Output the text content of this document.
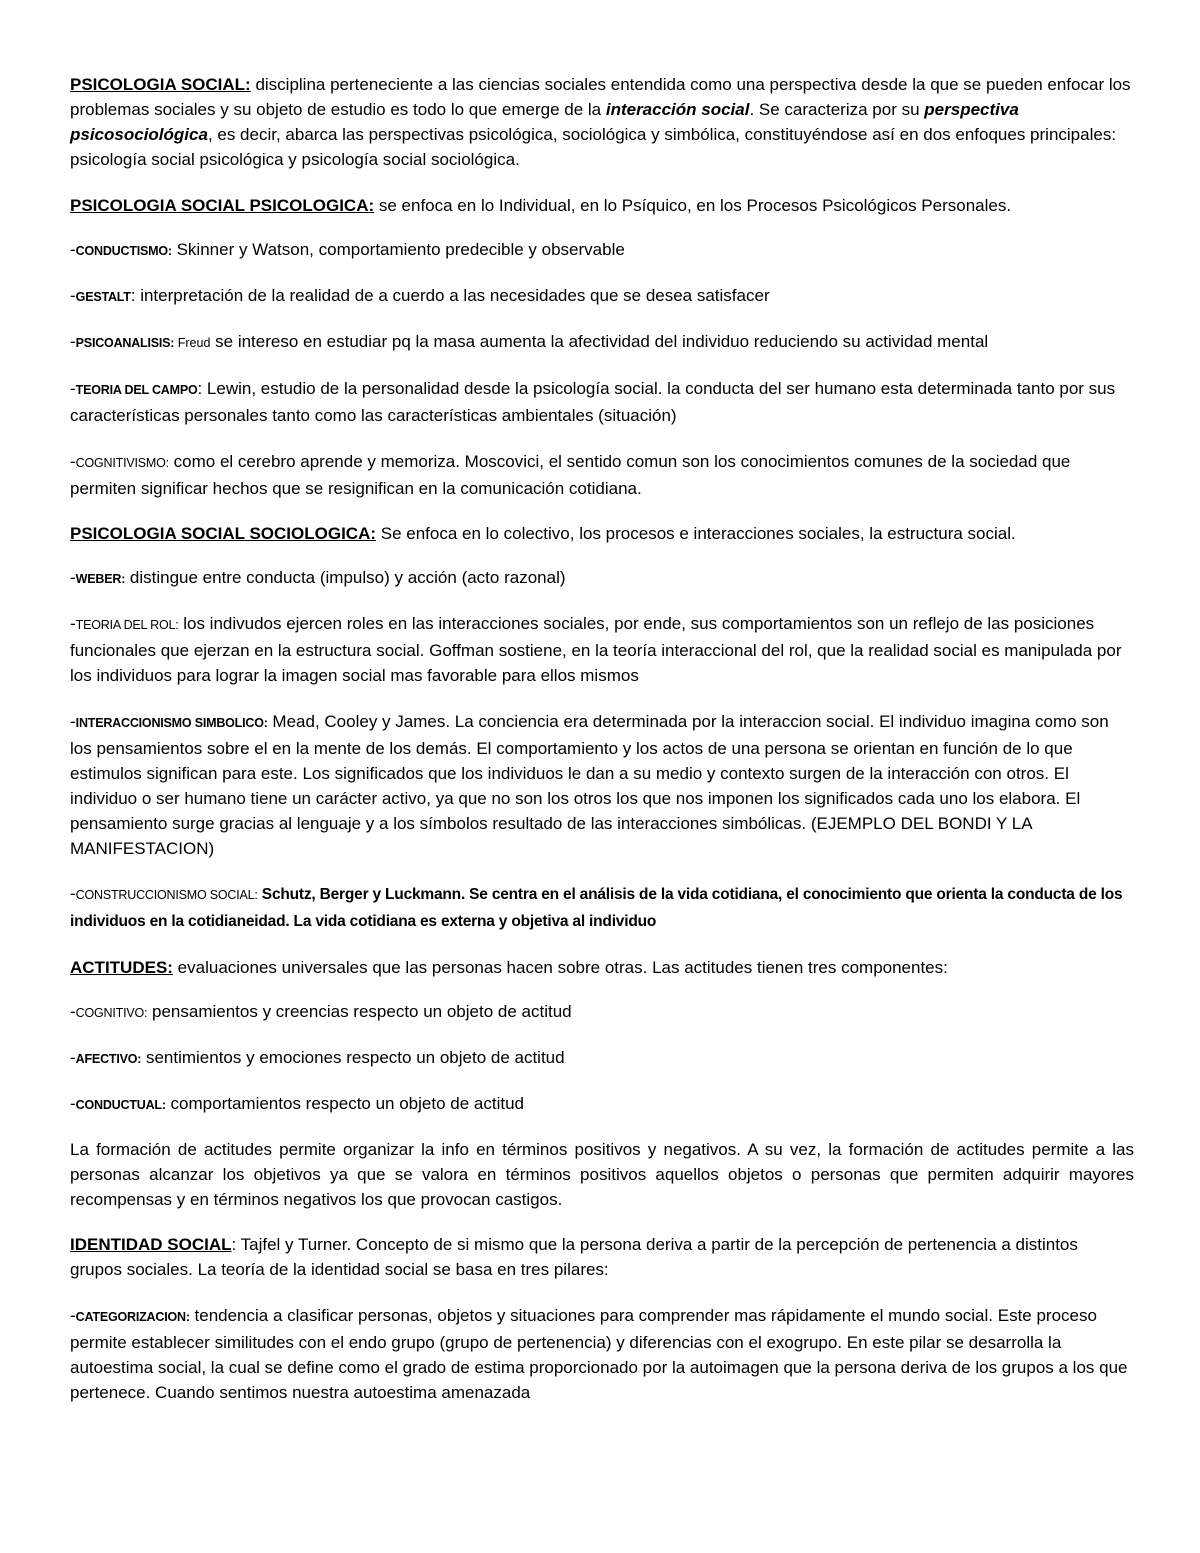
PSICOLOGIA SOCIAL: disciplina perteneciente a las ciencias sociales entendida como una perspectiva desde la que se pueden enfocar los problemas sociales y su objeto de estudio es todo lo que emerge de la interacción social. Se caracteriza por su perspectiva psicosociológica, es decir, abarca las perspectivas psicológica, sociológica y simbólica, constituyéndose así en dos enfoques principales: psicología social psicológica y psicología social sociológica.

PSICOLOGIA SOCIAL PSICOLOGICA: se enfoca en lo Individual, en lo Psíquico, en los Procesos Psicológicos Personales.

-CONDUCTISMO: Skinner y Watson, comportamiento predecible y observable

-GESTALT: interpretación de la realidad de a cuerdo a las necesidades que se desea satisfacer

-PSICOANALISIS: Freud se intereso en estudiar pq la masa aumenta la afectividad del individuo reduciendo su actividad mental

-TEORIA DEL CAMPO: Lewin, estudio de la personalidad desde la psicología social. la conducta del ser humano esta determinada tanto por sus características personales tanto como las características ambientales (situación)

-COGNITIVISMO: como el cerebro aprende y memoriza. Moscovici, el sentido comun son los conocimientos comunes de la sociedad que permiten significar hechos que se resignifican en la comunicación cotidiana.

PSICOLOGIA SOCIAL SOCIOLOGICA: Se enfoca en lo colectivo, los procesos e interacciones sociales, la estructura social.

-WEBER: distingue entre conducta (impulso) y acción (acto razonal)

-TEORIA DEL ROL: los indivudos ejercen roles en las interacciones sociales, por ende, sus comportamientos son un reflejo de las posiciones funcionales que ejerzan en la estructura social. Goffman sostiene, en la teoría interaccional del rol, que la realidad social es manipulada por los individuos para lograr la imagen social mas favorable para ellos mismos

-INTERACCIONISMO SIMBOLICO: Mead, Cooley y James. La conciencia era determinada por la interaccion social. El individuo imagina como son los pensamientos sobre el en la mente de los demás. El comportamiento y los actos de una persona se orientan en función de lo que estimulos significan para este. Los significados que los individuos le dan a su medio y contexto surgen de la interacción con otros. El individuo o ser humano tiene un carácter activo, ya que no son los otros los que nos imponen los significados cada uno los elabora. El pensamiento surge gracias al lenguaje y a los símbolos resultado de las interacciones simbólicas. (EJEMPLO DEL BONDI Y LA MANIFESTACION)

-CONSTRUCCIONISMO SOCIAL: Schutz, Berger y Luckmann. Se centra en el análisis de la vida cotidiana, el conocimiento que orienta la conducta de los individuos en la cotidianeidad. La vida cotidiana es externa y objetiva al individuo

ACTITUDES: evaluaciones universales que las personas hacen sobre otras. Las actitudes tienen tres componentes:

-COGNITIVO: pensamientos y creencias respecto un objeto de actitud

-AFECTIVO: sentimientos y emociones respecto un objeto de actitud

-CONDUCTUAL: comportamientos respecto un objeto de actitud

La formación de actitudes permite organizar la info en términos positivos y negativos. A su vez, la formación de actitudes permite a las personas alcanzar los objetivos ya que se valora en términos positivos aquellos objetos o personas que permiten adquirir mayores recompensas y en términos negativos los que provocan castigos.

IDENTIDAD SOCIAL: Tajfel y Turner. Concepto de si mismo que la persona deriva a partir de la percepción de pertenencia a distintos grupos sociales. La teoría de la identidad social se basa en tres pilares:

-CATEGORIZACION: tendencia a clasificar personas, objetos y situaciones para comprender mas rápidamente el mundo social. Este proceso permite establecer similitudes con el endo grupo (grupo de pertenencia) y diferencias con el exogrupo. En este pilar se desarrolla la autoestima social, la cual se define como el grado de estima proporcionado por la autoimagen que la persona deriva de los grupos a los que pertenece. Cuando sentimos nuestra autoestima amenazada
